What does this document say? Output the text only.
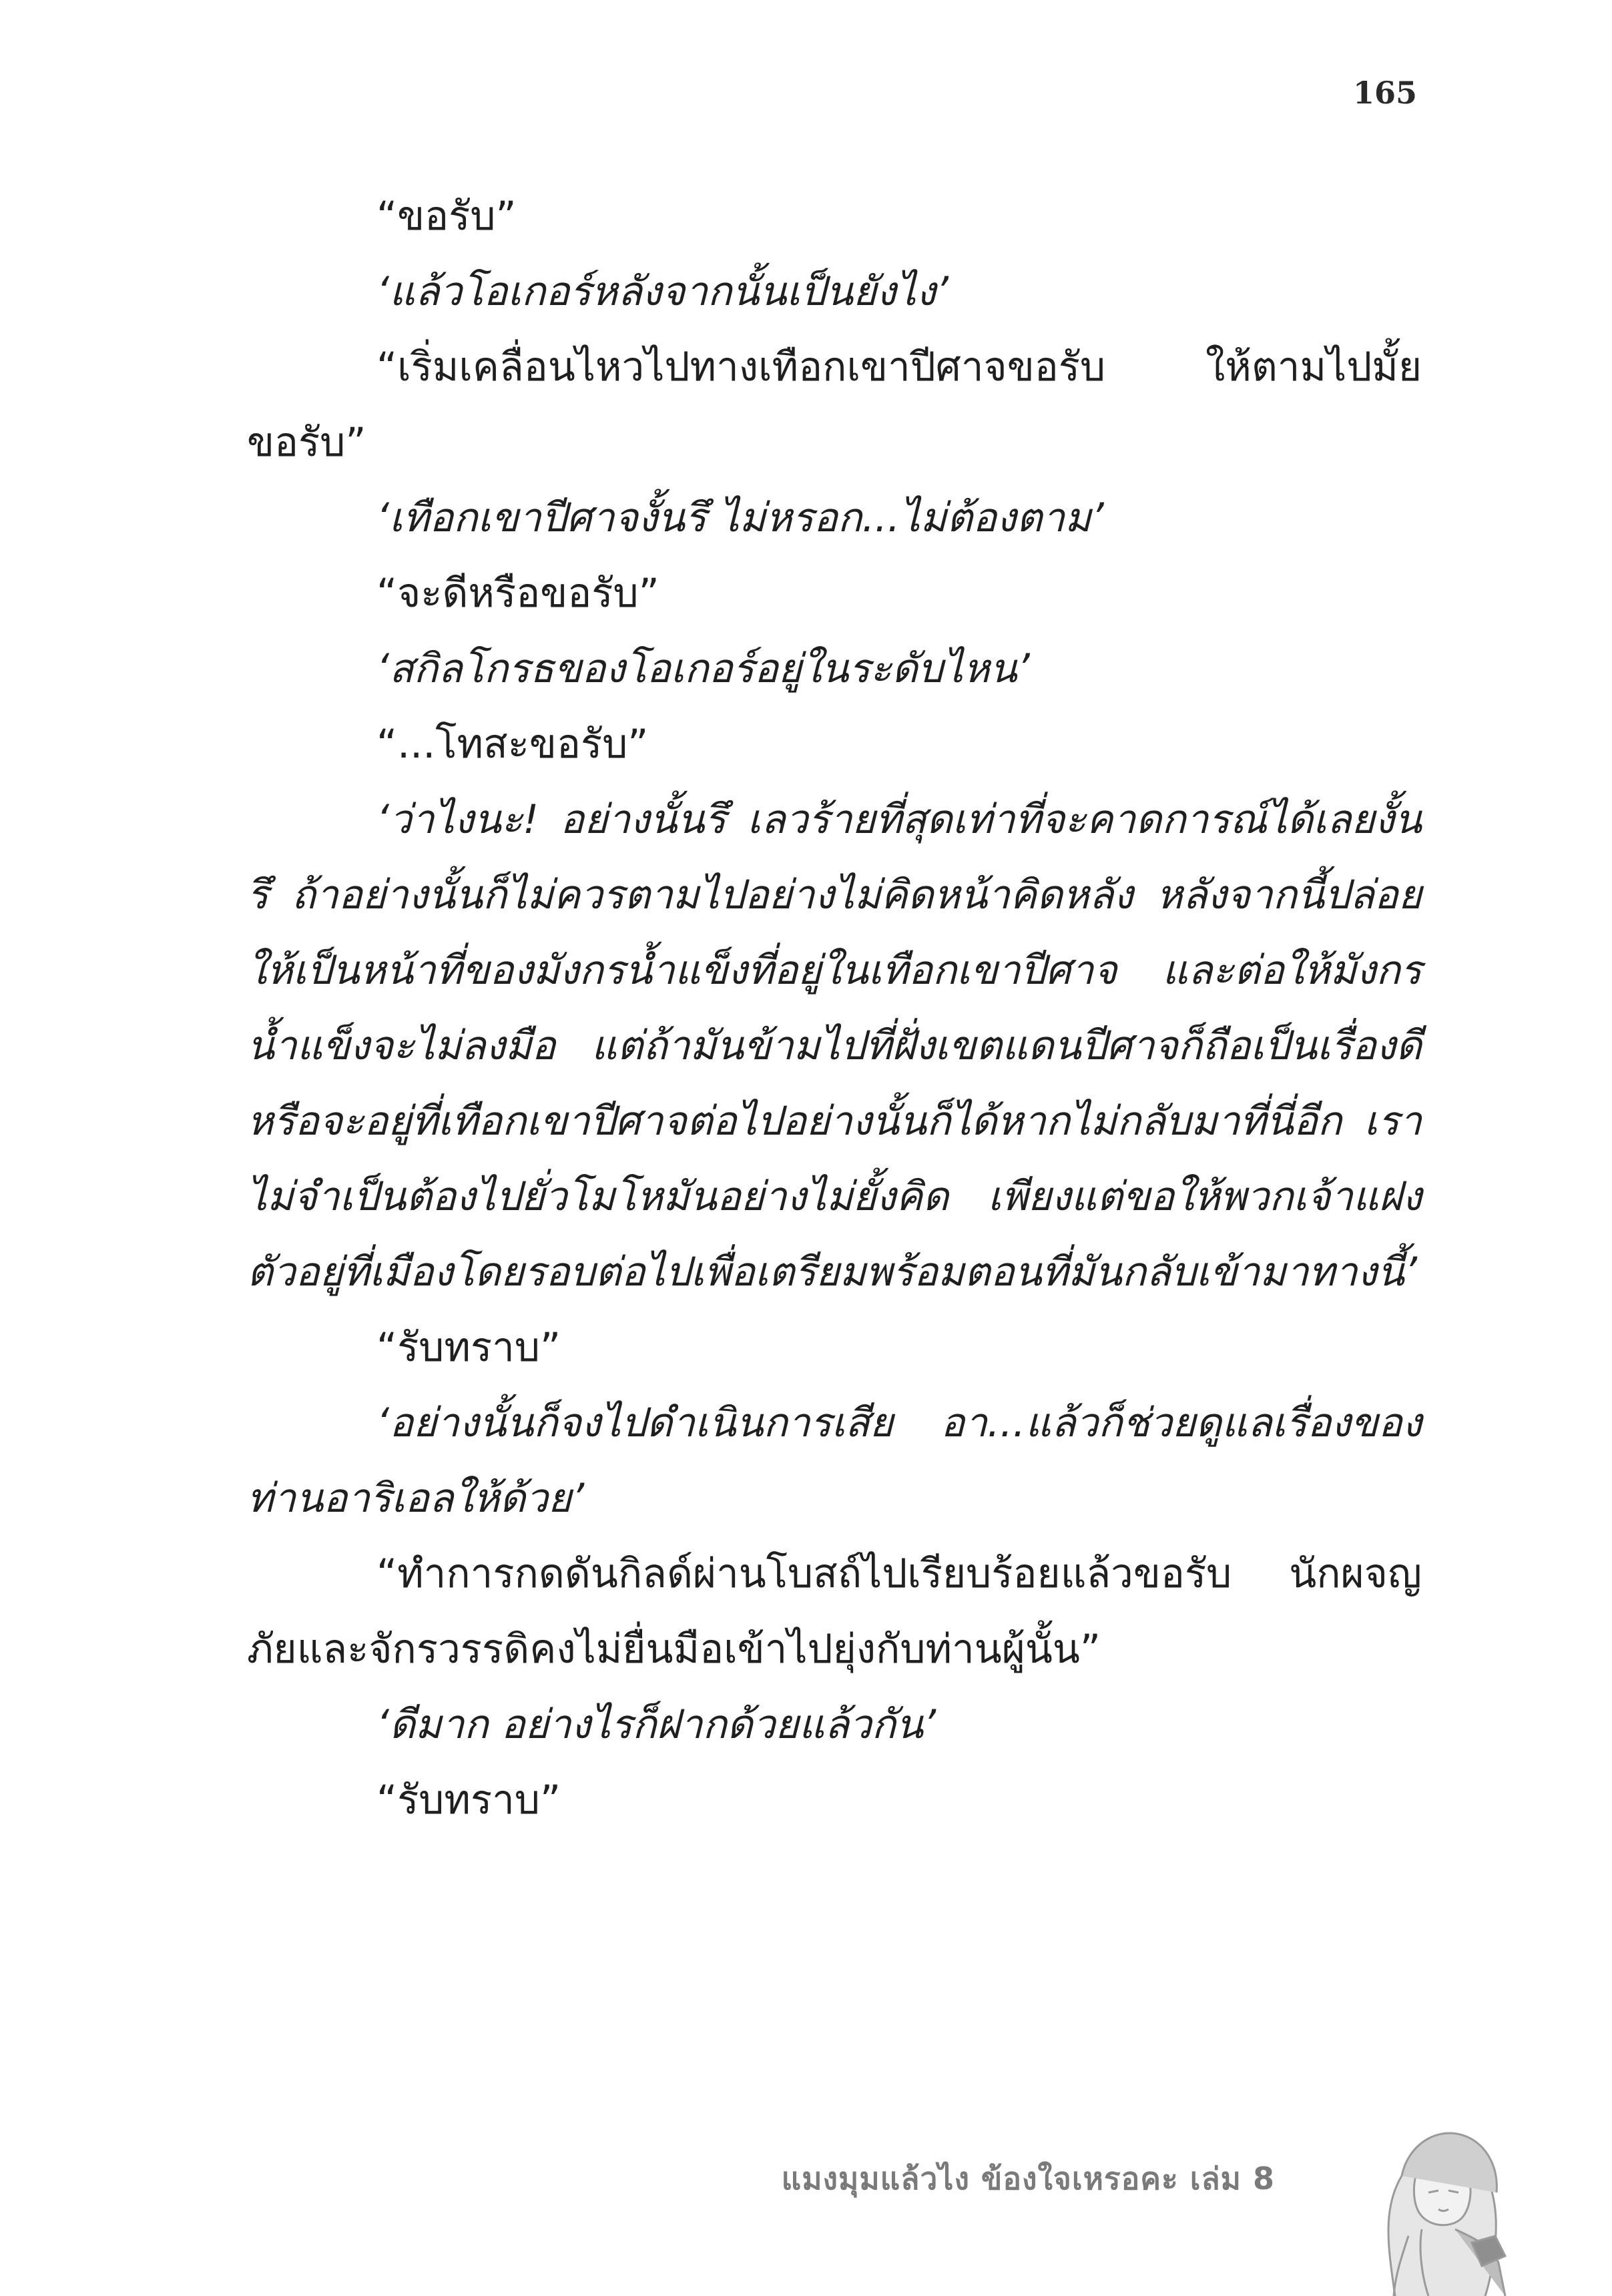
165

“ขอรับ”

‘แล้วโอเกอร์หลังจากนั้นเป็นยังไง’

“เริ่มเคลื่อนไหวไปทางเทือกเขาปีศาจขอรับ ให้ตามไปมั้ยขอรับ”

‘เทือกเขาปีศาจงั้นรึ ไม่หรอก...ไม่ต้องตาม’

“จะดีหรือขอรับ”

‘สกิลโกรธของโอเกอร์อยู่ในระดับไหน’

“...โทสะขอรับ”

‘ว่าไงนะ! อย่างนั้นรึ เลวร้ายที่สุดเท่าที่จะคาดการณ์ได้เลยงั้นรึ ถ้าอย่างนั้นก็ไม่ควรตามไปอย่างไม่คิดหน้าคิดหลัง หลังจากนี้ปล่อยให้เป็นหน้าที่ของมังกรน้ำแข็งที่อยู่ในเทือกเขาปีศาจ และต่อให้มังกรน้ำแข็งจะไม่ลงมือ แต่ถ้ามันข้ามไปที่ฝั่งเขตแดนปีศาจก็ถือเป็นเรื่องดี หรือจะอยู่ที่เทือกเขาปีศาจต่อไปอย่างนั้นก็ได้หากไม่กลับมาที่นี่อีก เราไม่จำเป็นต้องไปยั่วโมโหมันอย่างไม่ยั้งคิด เพียงแต่ขอให้พวกเจ้าแฝงตัวอยู่ที่เมืองโดยรอบต่อไปเพื่อเตรียมพร้อมตอนที่มันกลับเข้ามาทางนี้’

“รับทราบ”

‘อย่างนั้นก็จงไปดำเนินการเสีย อา...แล้วก็ช่วยดูแลเรื่องของท่านอาริเอลให้ด้วย’

“ทำการกดดันกิลด์ผ่านโบสถ์ไปเรียบร้อยแล้วขอรับ นักผจญภัยและจักรวรรดิคงไม่ยื่นมือเข้าไปยุ่งกับท่านผู้นั้น”

‘ดีมาก อย่างไรก็ฝากด้วยแล้วกัน’

“รับทราบ”

แมงมุมแล้วไง ข้องใจเหรอคะ เล่ม 8
